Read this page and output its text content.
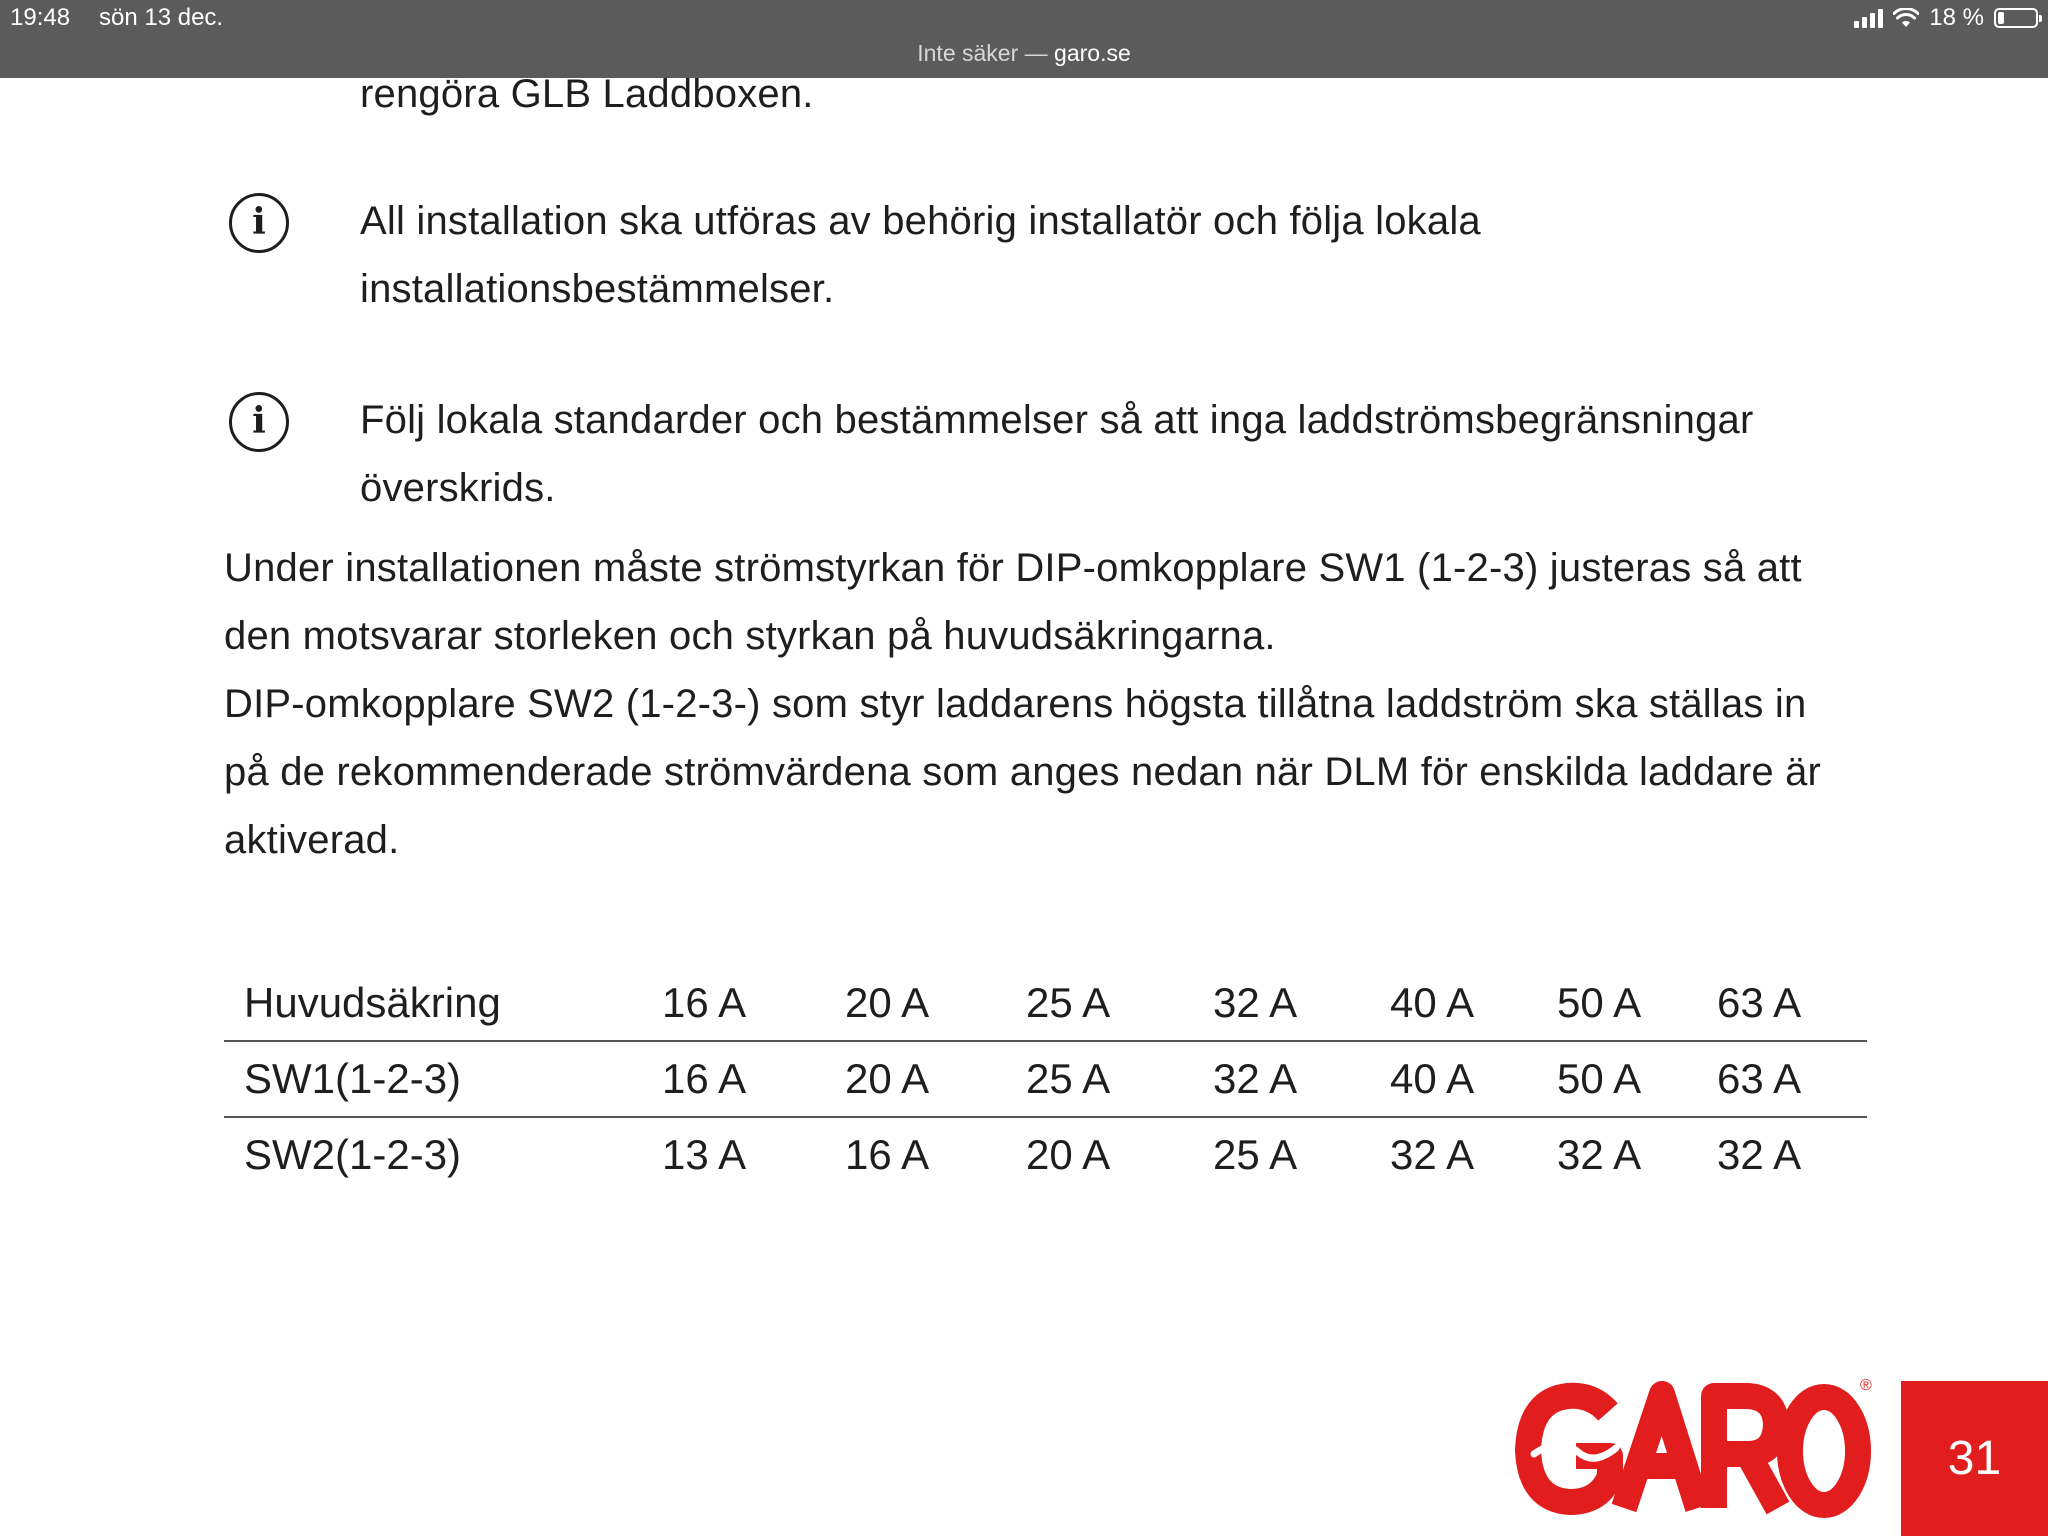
19:48 sön 13 dec.	18 %
Inte säker — garo.se
rengöra GLB Laddboxen.
i	All installation ska utföras av behörig installatör och följa lokala
installationsbestämmelser.
i	Följ lokala standarder och bestämmelser så att inga laddströmsbegränsningar
överskrids.
Under installationen måste strömstyrkan för DIP-omkopplare SW1 (1-2-3) justeras så att
den motsvarar storleken och styrkan på huvudsäkringarna.
DIP-omkopplare SW2 (1-2-3-) som styr laddarens högsta tillåtna laddström ska ställas in
på de rekommenderade strömvärdena som anges nedan när DLM för enskilda laddare är
aktiverad.
Huvudsäkring	16 A	20 A	25 A	32 A	40 A	50 A	63 A
SW1(1-2-3)	16 A	20 A	25 A	32 A	40 A	50 A	63 A
SW2(1-2-3)	13 A	16 A	20 A	25 A	32 A	32 A	32 A
®
GARO
31
